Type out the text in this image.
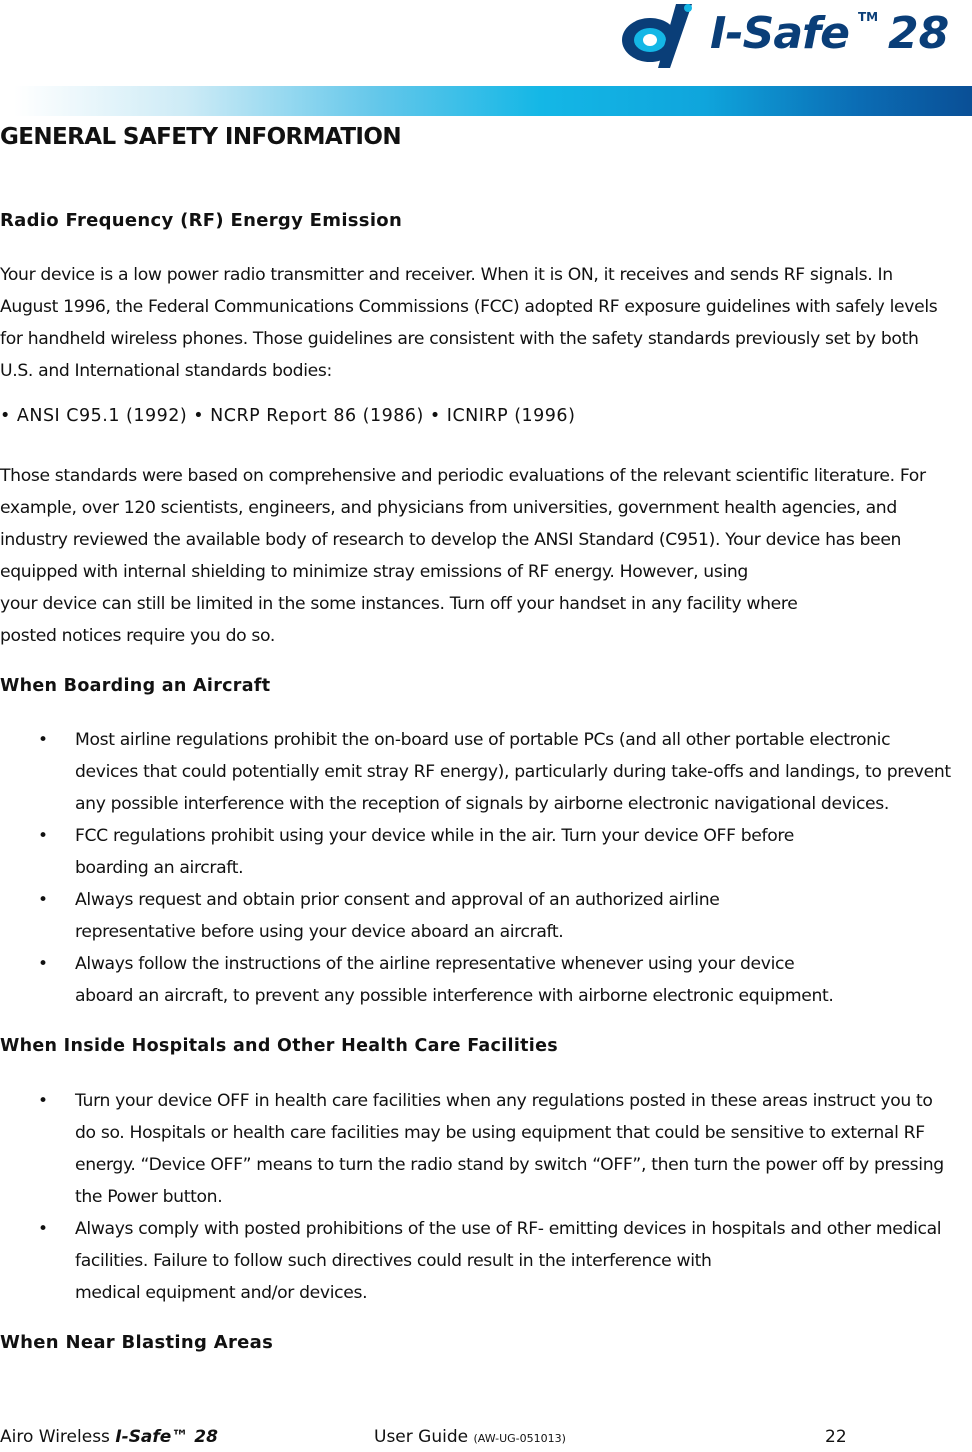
I-Safe TM 28
GENERAL SAFETY INFORMATION
Radio Frequency (RF) Energy Emission

Your device is a low power radio transmitter and receiver. When it is ON, it receives and sends RF signals. In
August 1996, the Federal Communications Commissions (FCC) adopted RF exposure guidelines with safely levels
for handheld wireless phones. Those guidelines are consistent with the safety standards previously set by both
U.S. and International standards bodies:

• ANSI C95.1 (1992) • NCRP Report 86 (1986) • ICNIRP (1996)

Those standards were based on comprehensive and periodic evaluations of the relevant scientific literature. For
example, over 120 scientists, engineers, and physicians from universities, government health agencies, and
industry reviewed the available body of research to develop the ANSI Standard (C951). Your device has been
equipped with internal shielding to minimize stray emissions of RF energy. However, using
your device can still be limited in the some instances. Turn off your handset in any facility where
posted notices require you do so.

When Boarding an Aircraft
• Most airline regulations prohibit the on-board use of portable PCs (and all other portable electronic
devices that could potentially emit stray RF energy), particularly during take-offs and landings, to prevent
any possible interference with the reception of signals by airborne electronic navigational devices.
• FCC regulations prohibit using your device while in the air. Turn your device OFF before
boarding an aircraft.
• Always request and obtain prior consent and approval of an authorized airline
representative before using your device aboard an aircraft.
• Always follow the instructions of the airline representative whenever using your device
aboard an aircraft, to prevent any possible interference with airborne electronic equipment.
When Inside Hospitals and Other Health Care Facilities
• Turn your device OFF in health care facilities when any regulations posted in these areas instruct you to
do so. Hospitals or health care facilities may be using equipment that could be sensitive to external RF
energy. “Device OFF” means to turn the radio stand by switch “OFF”, then turn the power off by pressing
the Power button.
• Always comply with posted prohibitions of the use of RF- emitting devices in hospitals and other medical
facilities. Failure to follow such directives could result in the interference with
medical equipment and/or devices.
When Near Blasting Areas
Airo Wireless I-Safe™ 28	User Guide (AW-UG-051013)	22
